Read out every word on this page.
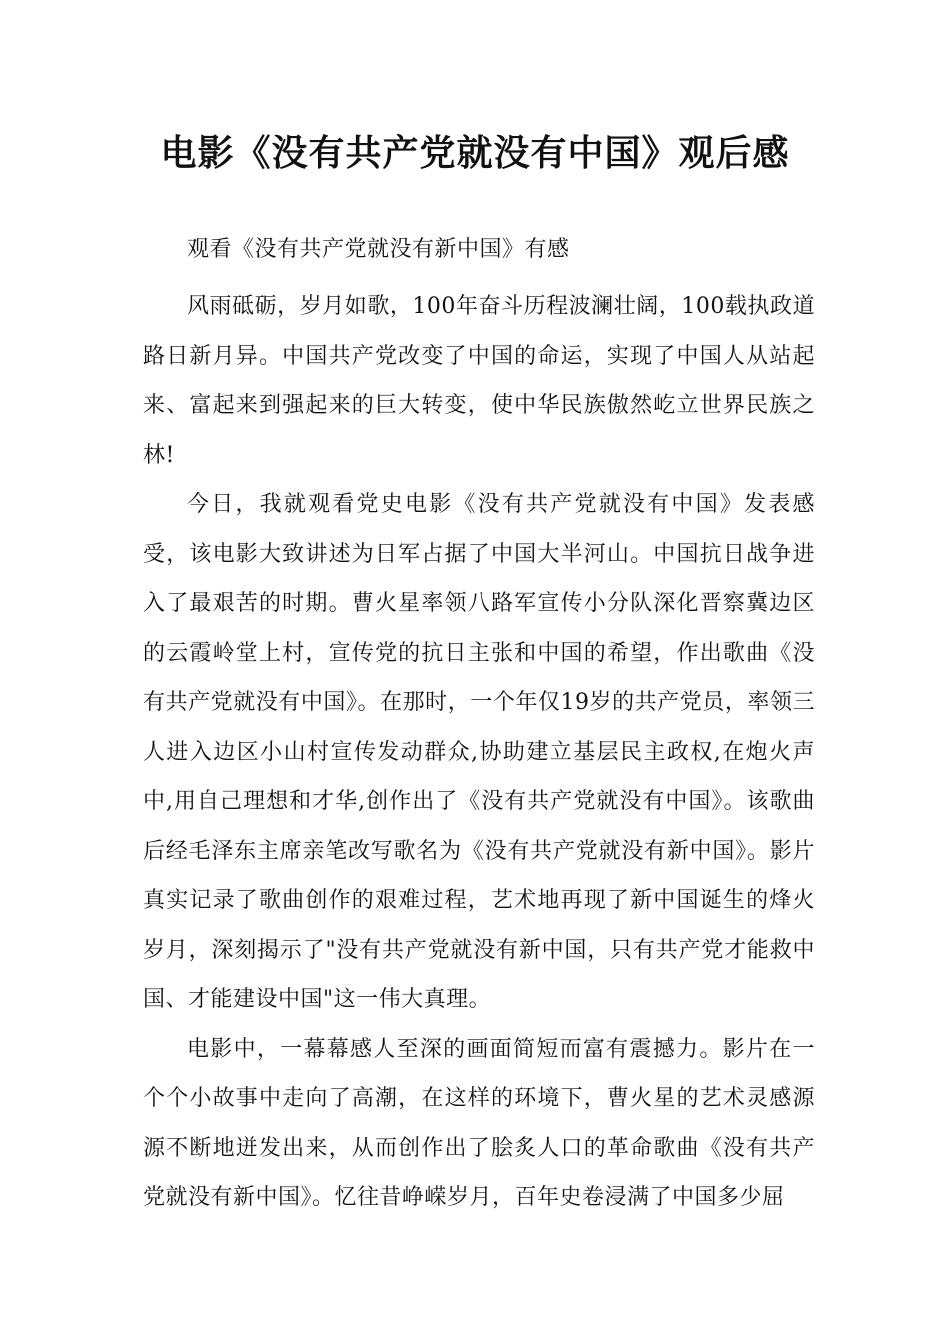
电影《没有共产党就没有中国》观后感

观看《没有共产党就没有新中国》有感

风雨砥砺，岁月如歌，100年奋斗历程波澜壮阔，100载执政道路日新月异。中国共产党改变了中国的命运，实现了中国人从站起来、富起来到强起来的巨大转变，使中华民族傲然屹立世界民族之林!

今日，我就观看党史电影《没有共产党就没有中国》发表感受，该电影大致讲述为日军占据了中国大半河山。中国抗日战争进入了最艰苦的时期。曹火星率领八路军宣传小分队深化晋察冀边区的云霞岭堂上村，宣传党的抗日主张和中国的希望，作出歌曲《没有共产党就没有中国》。在那时，一个年仅19岁的共产党员，率领三人进入边区小山村宣传发动群众,协助建立基层民主政权,在炮火声中,用自己理想和才华,创作出了《没有共产党就没有中国》。该歌曲后经毛泽东主席亲笔改写歌名为《没有共产党就没有新中国》。影片真实记录了歌曲创作的艰难过程，艺术地再现了新中国诞生的烽火岁月，深刻揭示了"没有共产党就没有新中国，只有共产党才能救中国、才能建设中国"这一伟大真理。

电影中，一幕幕感人至深的画面简短而富有震撼力。影片在一个个小故事中走向了高潮，在这样的环境下，曹火星的艺术灵感源源不断地迸发出来，从而创作出了脍炙人口的革命歌曲《没有共产党就没有新中国》。忆往昔峥嵘岁月，百年史卷浸满了中国多少屈
